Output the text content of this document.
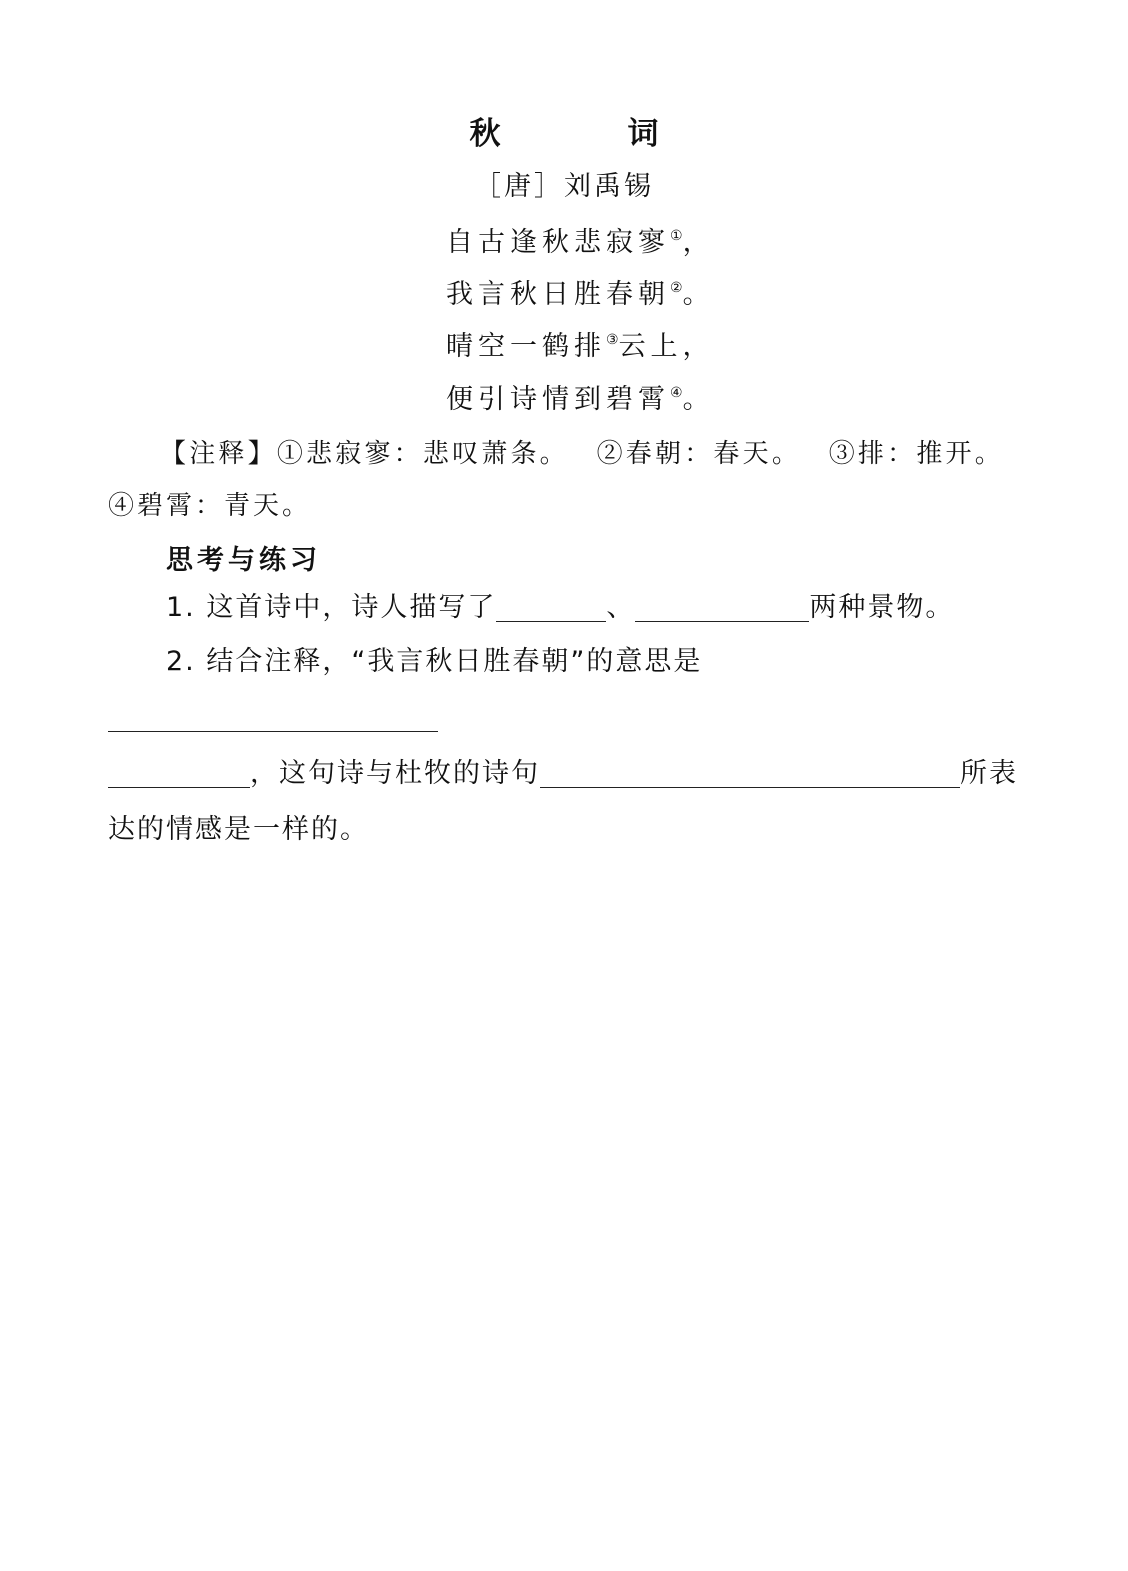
秋　词
［唐］刘禹锡
自古逢秋悲寂寥①，
我言秋日胜春朝②。
晴空一鹤排③云上，
便引诗情到碧霄④。
【注释】①悲寂寥：悲叹萧条。　 ②春朝：春天。　 ③排：推开。　 ④碧霄：青天。
思考与练习
1. 这首诗中，诗人描写了	、	两种景物。
2. 结合注释，“我言秋日胜春朝”的意思是
，这句诗与杜牧的诗句	所表达的情感是一样的。
